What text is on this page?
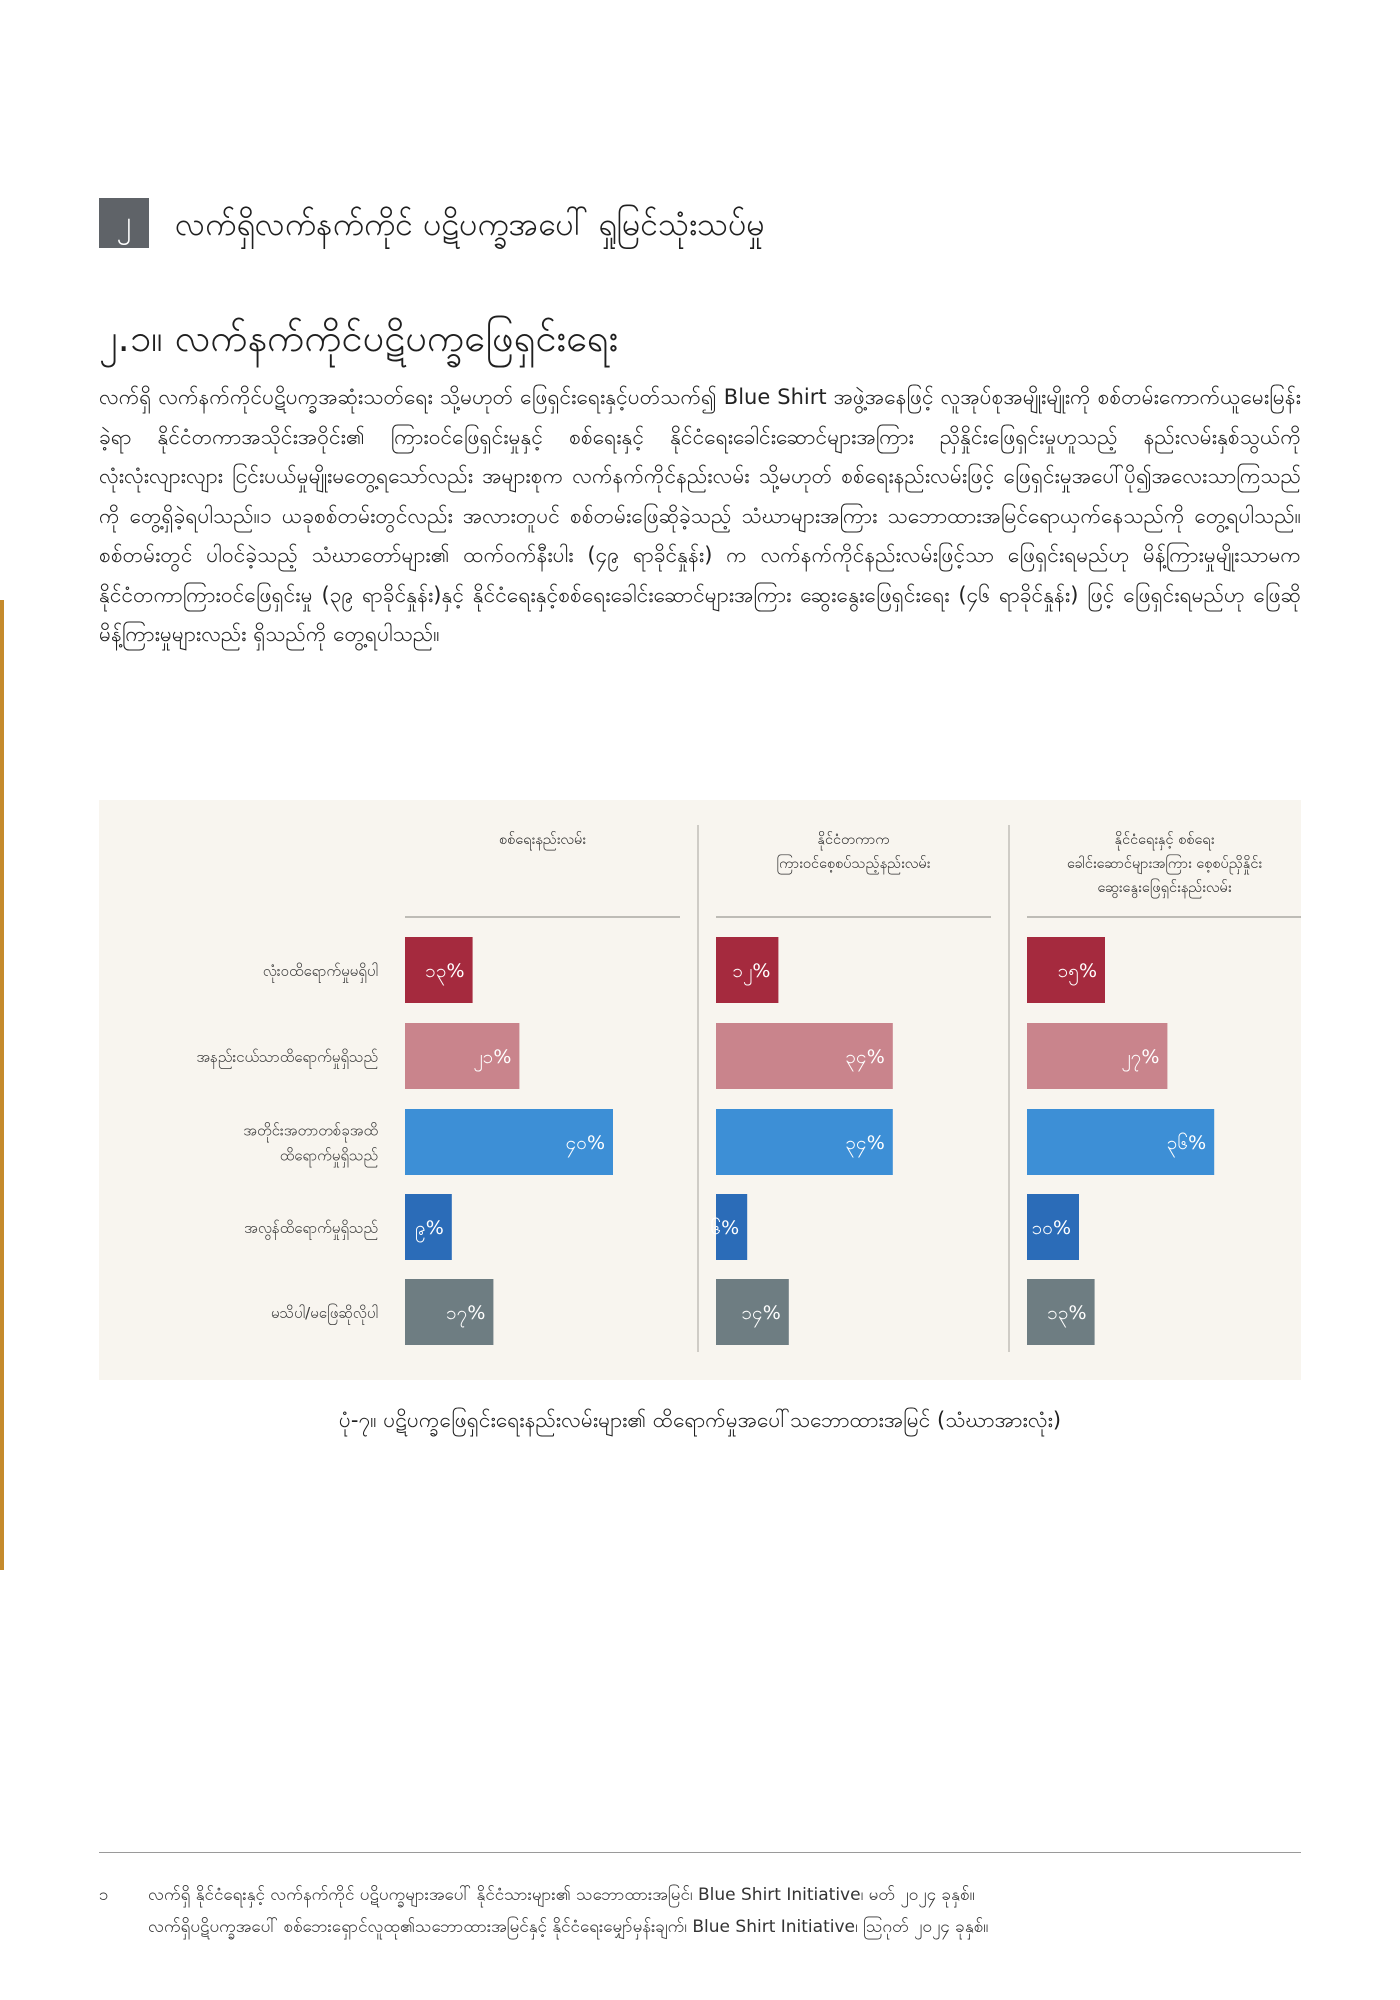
၂	လက်ရှိလက်နက်ကိုင် ပဋိပက္ခအပေါ် ရှုမြင်သုံးသပ်မှု
၂.၁။ လက်နက်ကိုင်ပဋိပက္ခဖြေရှင်းရေး
လက်ရှိ လက်နက်ကိုင်ပဋိပက္ခအဆုံးသတ်ရေး သို့မဟုတ် ဖြေရှင်းရေးနှင့်ပတ်သက်၍ Blue Shirt အဖွဲ့အနေဖြင့် လူအုပ်စုအမျိုးမျိုးကို စစ်တမ်းကောက်ယူမေးမြန်းခဲ့ရာ နိုင်ငံတကာအသိုင်းအဝိုင်း၏ ကြားဝင်ဖြေရှင်းမှုနှင့် စစ်ရေးနှင့် နိုင်ငံရေးခေါင်းဆောင်များအကြား ညှိနှိုင်းဖြေရှင်းမှုဟူသည့် နည်းလမ်းနှစ်သွယ်ကို လုံးလုံးလျားလျား ငြင်းပယ်မှုမျိုးမတွေ့ရသော်လည်း အများစုက လက်နက်ကိုင်နည်းလမ်း သို့မဟုတ် စစ်ရေးနည်းလမ်းဖြင့် ဖြေရှင်းမှုအပေါ်ပို၍အလေးသာကြသည်ကို တွေ့ရှိခဲ့ရပါသည်။၁ ယခုစစ်တမ်းတွင်လည်း အလားတူပင် စစ်တမ်းဖြေဆိုခဲ့သည့် သံဃာများအကြား သဘောထားအမြင်ရောယှက်နေသည်ကို တွေ့ရပါသည်။ စစ်တမ်းတွင် ပါဝင်ခဲ့သည့် သံဃာတော်များ၏ ထက်ဝက်နီးပါး (၄၉ ရာခိုင်နှုန်း) က လက်နက်ကိုင်နည်းလမ်းဖြင့်သာ ဖြေရှင်းရမည်ဟု မိန့်ကြားမှုမျိုးသာမက နိုင်ငံတကာကြားဝင်ဖြေရှင်းမှု (၃၉ ရာခိုင်နှုန်း)နှင့် နိုင်ငံရေးနှင့်စစ်ရေးခေါင်းဆောင်များအကြား ဆွေးနွေးဖြေရှင်းရေး (၄၆ ရာခိုင်နှုန်း) ဖြင့် ဖြေရှင်းရမည်ဟု ဖြေဆိုမိန့်ကြားမှုများလည်း ရှိသည်ကို တွေ့ရပါသည်။
လုံးဝထိရောက်မှုမရှိပါ
အနည်းငယ်သာထိရောက်မှုရှိသည်
အတိုင်းအတာတစ်ခုအထိ
ထိရောက်မှုရှိသည်
အလွန်ထိရောက်မှုရှိသည်
မသိပါ/မဖြေဆိုလိုပါ
စစ်ရေးနည်းလမ်း
၁၃%
၂၁%
၄၀%
၉%
၁၇%
နိုင်ငံတကာက
ကြားဝင်စေ့စပ်သည့်နည်းလမ်း
၁၂%
၃၄%
၃၄%
၆%
၁၄%
နိုင်ငံရေးနှင့် စစ်ရေး
ခေါင်းဆောင်များအကြား စေ့စပ်ညှိနှိုင်း
ဆွေးနွေးဖြေရှင်းနည်းလမ်း
၁၅%
၂၇%
၃၆%
၁၀%
၁၃%
ပုံ-၇။ ပဋိပက္ခဖြေရှင်းရေးနည်းလမ်းများ၏ ထိရောက်မှုအပေါ်သဘောထားအမြင် (သံဃာအားလုံး)
၁ လက်ရှိ နိုင်ငံရေးနှင့် လက်နက်ကိုင် ပဋိပက္ခများအပေါ် နိုင်ငံသားများ၏ သဘောထားအမြင်၊ Blue Shirt Initiative၊ မတ် ၂၀၂၄ ခုနှစ်။
လက်ရှိပဋိပက္ခအပေါ် စစ်ဘေးရှောင်လူထု၏သဘောထားအမြင်နှင့် နိုင်ငံရေးမျှော်မှန်းချက်၊ Blue Shirt Initiative၊ ဩဂုတ် ၂၀၂၄ ခုနှစ်။
